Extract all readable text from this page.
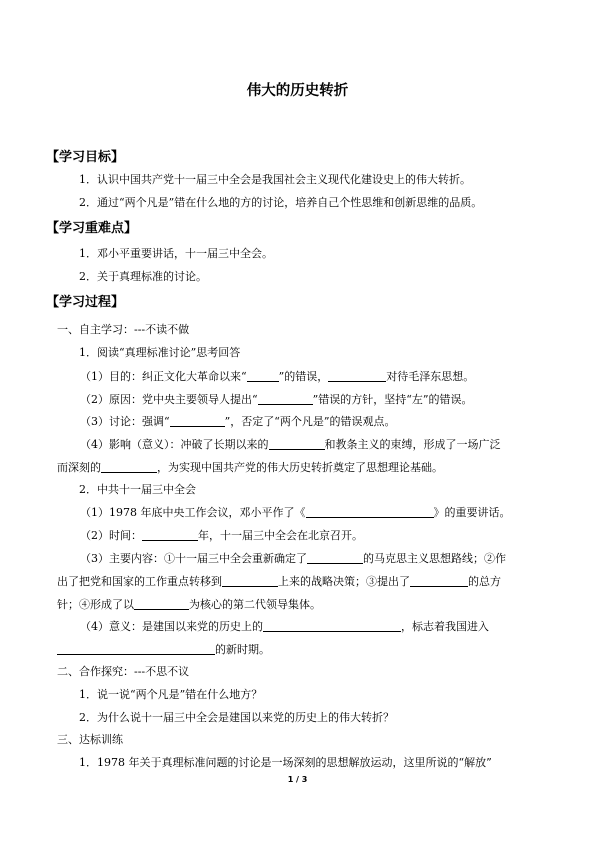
伟大的历史转折
【学习目标】
1．认识中国共产党十一届三中全会是我国社会主义现代化建设史上的伟大转折。
2．通过“两个凡是”错在什么地的方的讨论，培养自己个性思维和创新思维的品质。
【学习重难点】
1．邓小平重要讲话，十一届三中全会。
2．关于真理标准的讨论。
【学习过程】
一、自主学习：---不读不做
1．阅读“真理标准讨论”思考回答
（1）目的：纠正文化大革命以来“	”的错误，	对待毛泽东思想。
（2）原因：党中央主要领导人提出“	”错误的方针，坚持“左”的错误。
（3）讨论：强调“	”，否定了“两个凡是”的错误观点。
（4）影响（意义）：冲破了长期以来的	和教条主义的束缚，形成了一场广泛
而深刻的	，为实现中国共产党的伟大历史转折奠定了思想理论基础。
2．中共十一届三中全会
（1）1978 年底中央工作会议，邓小平作了《	》的重要讲话。
（2）时间：	年，十一届三中全会在北京召开。
（3）主要内容：①十一届三中全会重新确定了	的马克思主义思想路线；②作
出了把党和国家的工作重点转移到	上来的战略决策；③提出了	的总方
针；④形成了以	为核心的第二代领导集体。
（4）意义：是建国以来党的历史上的	，标志着我国进入
的新时期。
二、合作探究：---不思不议
1．说一说“两个凡是”错在什么地方？
2．为什么说十一届三中全会是建国以来党的历史上的伟大转折？
三、达标训练
1．1978 年关于真理标准问题的讨论是一场深刻的思想解放运动，这里所说的“解放”
1 / 3
